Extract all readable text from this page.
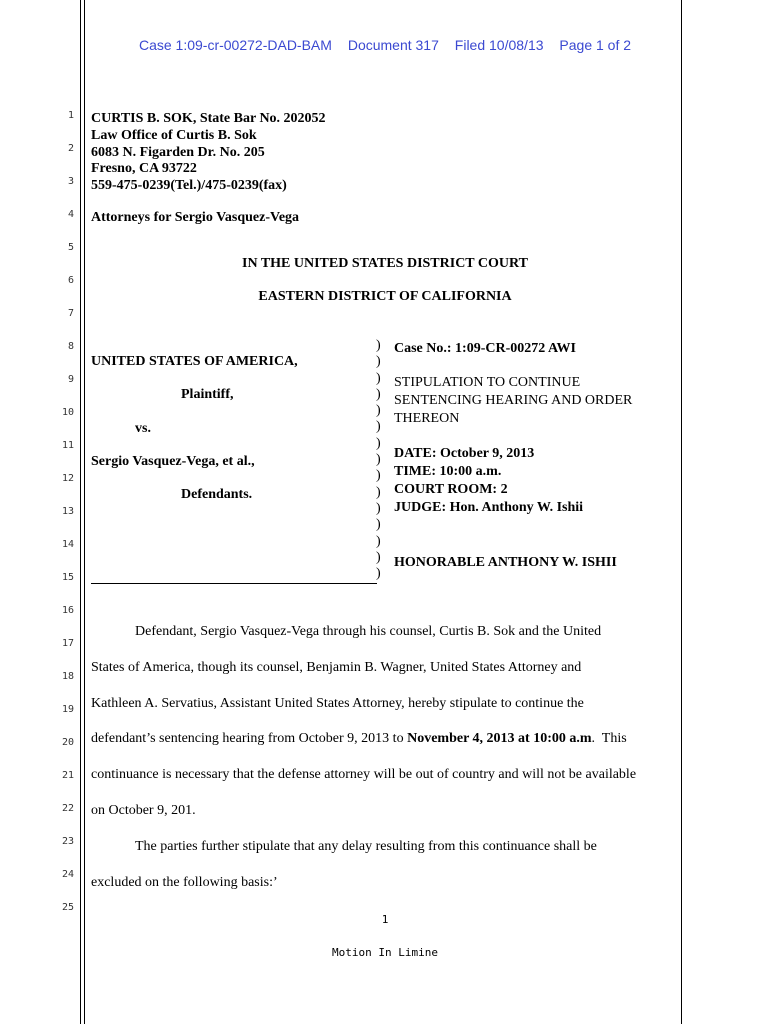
Case 1:09-cr-00272-DAD-BAM Document 317 Filed 10/08/13 Page 1 of 2
1
2
3
4
5
6
7
8
9
10
11
12
13
14
15
16
17
18
19
20
21
22
23
24
25
CURTIS B. SOK, State Bar No. 202052
Law Office of Curtis B. Sok
6083 N. Figarden Dr. No. 205
Fresno, CA 93722
559-475-0239(Tel.)/475-0239(fax)
Attorneys for Sergio Vasquez-Vega
IN THE UNITED STATES DISTRICT COURT
EASTERN DISTRICT OF CALIFORNIA
UNITED STATES OF AMERICA,
Plaintiff,
vs.
Sergio Vasquez-Vega, et al.,
Defendants.
)
)
)
)
)
)
)
)
)
)
)
)
)
)
)
Case No.: 1:09-CR-00272 AWI
STIPULATION TO CONTINUE
SENTENCING HEARING AND ORDER
THEREON
DATE: October 9, 2013
TIME: 10:00 a.m.
COURT ROOM: 2
JUDGE: Hon. Anthony W. Ishii
HONORABLE ANTHONY W. ISHII
Defendant, Sergio Vasquez-Vega through his counsel, Curtis B. Sok and the United
States of America, though its counsel, Benjamin B. Wagner, United States Attorney and
Kathleen A. Servatius, Assistant United States Attorney, hereby stipulate to continue the
defendant’s sentencing hearing from October 9, 2013 to November 4, 2013 at 10:00 a.m.  This
continuance is necessary that the defense attorney will be out of country and will not be available
on October 9, 201.
The parties further stipulate that any delay resulting from this continuance shall be
excluded on the following basis:’
1
Motion In Limine
